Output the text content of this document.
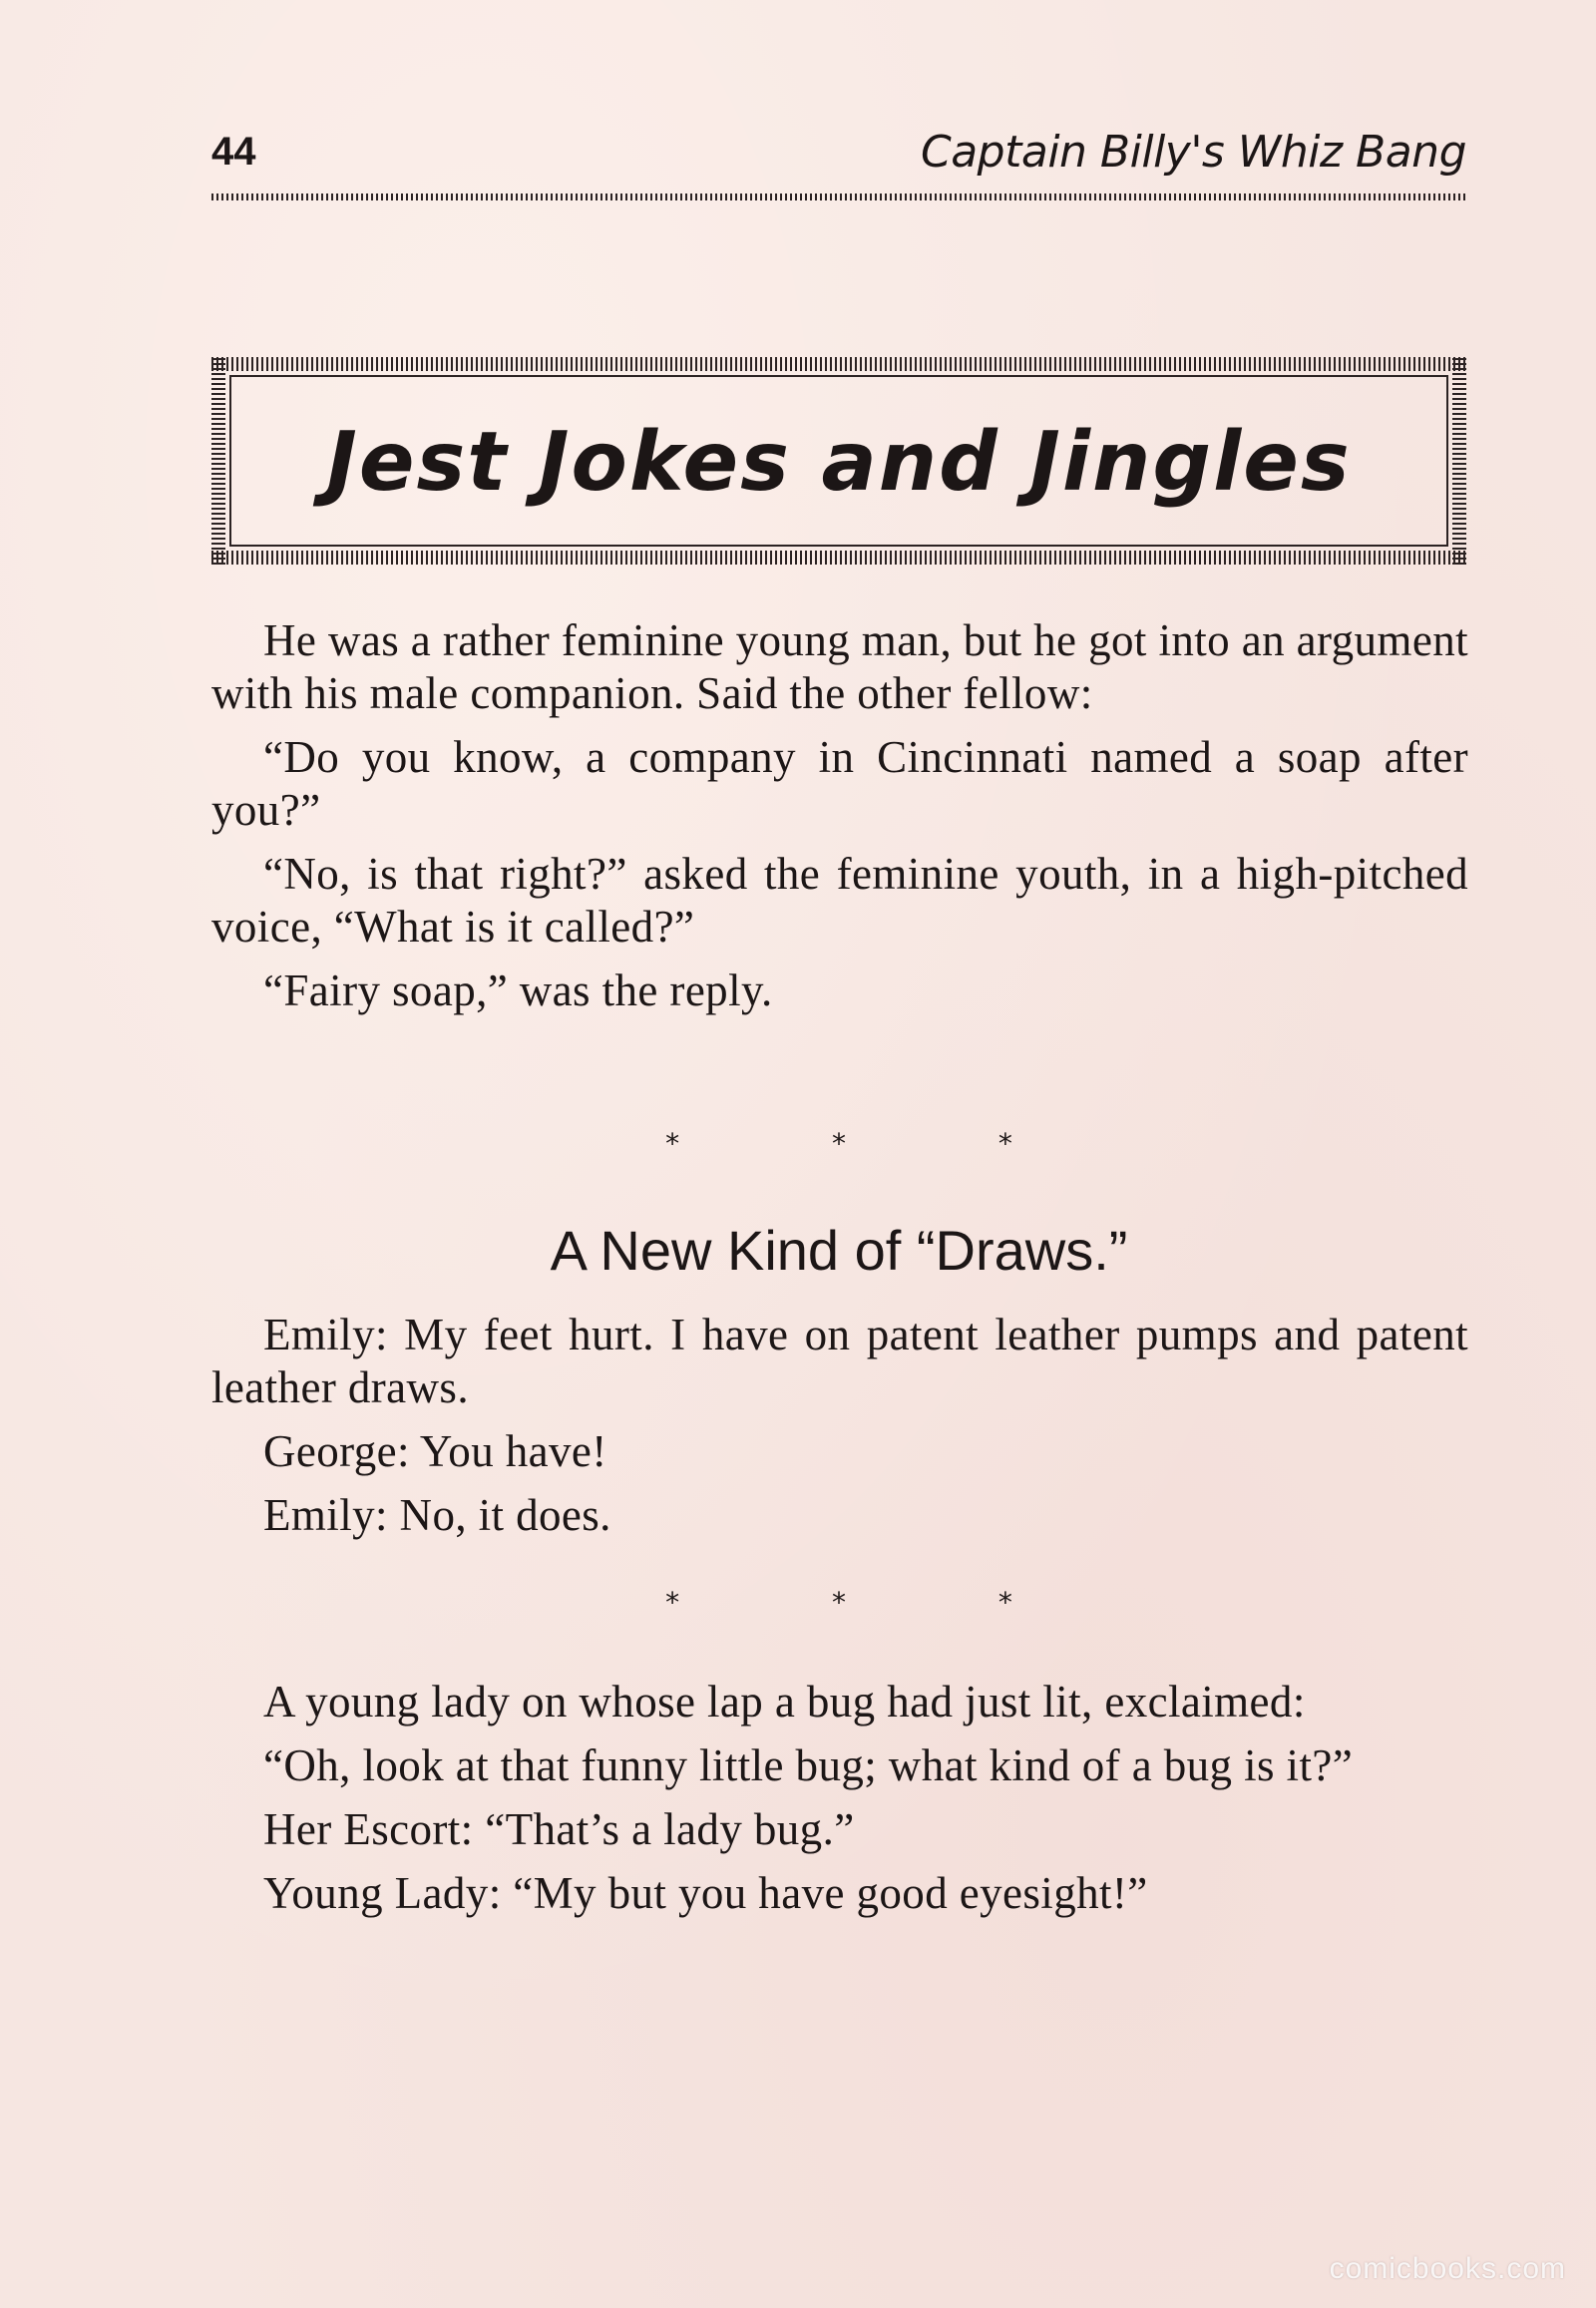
44	Captain Billy's Whiz Bang
Jest Jokes and Jingles

He was a rather feminine young man, but he got into an argument with his male companion. Said the other fellow:

“Do you know, a company in Cincinnati named a soap after you?”

“No, is that right?” asked the feminine youth, in a high-pitched voice, “What is it called?”

“Fairy soap,” was the reply.

* * *
A New Kind of “Draws.”

Emily: My feet hurt. I have on patent leather pumps and patent leather draws.

George: You have!

Emily: No, it does.

* * *

A young lady on whose lap a bug had just lit, exclaimed:

“Oh, look at that funny little bug; what kind of a bug is it?”

Her Escort: “That’s a lady bug.”

Young Lady: “My but you have good eyesight!”

comicbooks.com
